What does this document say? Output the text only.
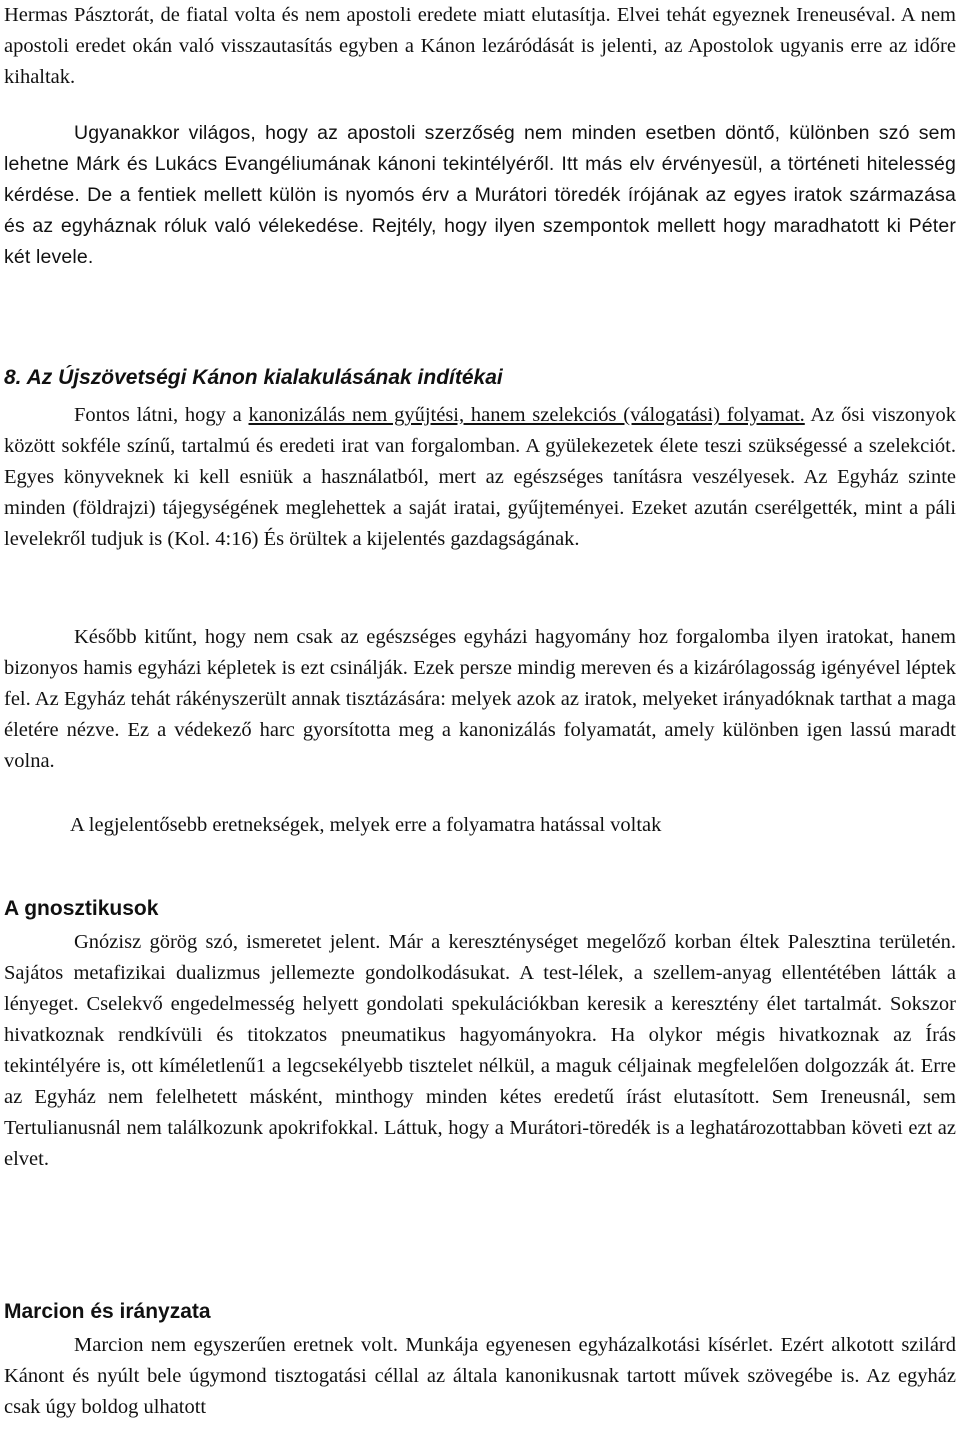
Hermas Pásztorát, de fiatal volta és nem apostoli eredete miatt elutasítja. Elvei tehát egyeznek Ireneuséval. A nem apostoli eredet okán való visszautasítás egyben a Kánon lezáródását is jelenti, az Apostolok ugyanis erre az időre kihaltak.

Ugyanakkor világos, hogy az apostoli szerzőség nem minden esetben döntő, különben szó sem lehetne Márk és Lukács Evangéliumának kánoni tekintélyéről. Itt más elv érvényesül, a történeti hitelesség kérdése. De a fentiek mellett külön is nyomós érv a Murátori töredék írójának az egyes iratok származása és az egyháznak róluk való vélekedése. Rejtély, hogy ilyen szempontok mellett hogy maradhatott ki Péter két levele.

8. Az Újszövetségi Kánon kialakulásának indítékai

Fontos látni, hogy a kanonizálás nem gyűjtési, hanem szelekciós (válogatási) folyamat. Az ősi viszonyok között sokféle színű, tartalmú és eredeti irat van forgalomban. A gyülekezetek élete teszi szükségessé a szelekciót. Egyes könyveknek ki kell esniük a használatból, mert az egészséges tanításra veszélyesek. Az Egyház szinte minden (földrajzi) tájegységének meglehettek a saját iratai, gyűjteményei. Ezeket azután cserélgették, mint a páli levelekről tudjuk is (Kol. 4:16) És örültek a kijelentés gazdagságának.

Később kitűnt, hogy nem csak az egészséges egyházi hagyomány hoz forgalomba ilyen iratokat, hanem bizonyos hamis egyházi képletek is ezt csinálják. Ezek persze mindig mereven és a kizárólagosság igényével léptek fel. Az Egyház tehát rákényszerült annak tisztázására: melyek azok az iratok, melyeket irányadóknak tarthat a maga életére nézve. Ez a védekező harc gyorsította meg a kanonizálás folyamatát, amely különben igen lassú maradt volna.

A legjelentősebb eretnekségek, melyek erre a folyamatra hatással voltak

A gnosztikusok

Gnózisz görög szó, ismeretet jelent. Már a kereszténységet megelőző korban éltek Palesztina területén. Sajátos metafizikai dualizmus jellemezte gondolkodásukat. A test-lélek, a szellem-anyag ellentétében látták a lényeget. Cselekvő engedelmesség helyett gondolati spekulációkban keresik a keresztény élet tartalmát. Sokszor hivatkoznak rendkívüli és titokzatos pneumatikus hagyományokra. Ha olykor mégis hivatkoznak az Írás tekintélyére is, ott kíméletlenű1 a legcsekélyebb tisztelet nélkül, a maguk céljainak megfelelően dolgozzák át. Erre az Egyház nem felelhetett másként, minthogy minden kétes eredetű írást elutasított. Sem Ireneusnál, sem Tertulianusnál nem találkozunk apokrifokkal. Láttuk, hogy a Murátori-töredék is a leghatározottabban követi ezt az elvet.

Marcion és irányzata

Marcion nem egyszerűen eretnek volt. Munkája egyenesen egyházalkotási kísérlet. Ezért alkotott szilárd Kánont és nyúlt bele úgymond tisztogatási céllal az általa kanonikusnak tartott művek szövegébe is. Az egyház csak úgy boldog ulhatott
